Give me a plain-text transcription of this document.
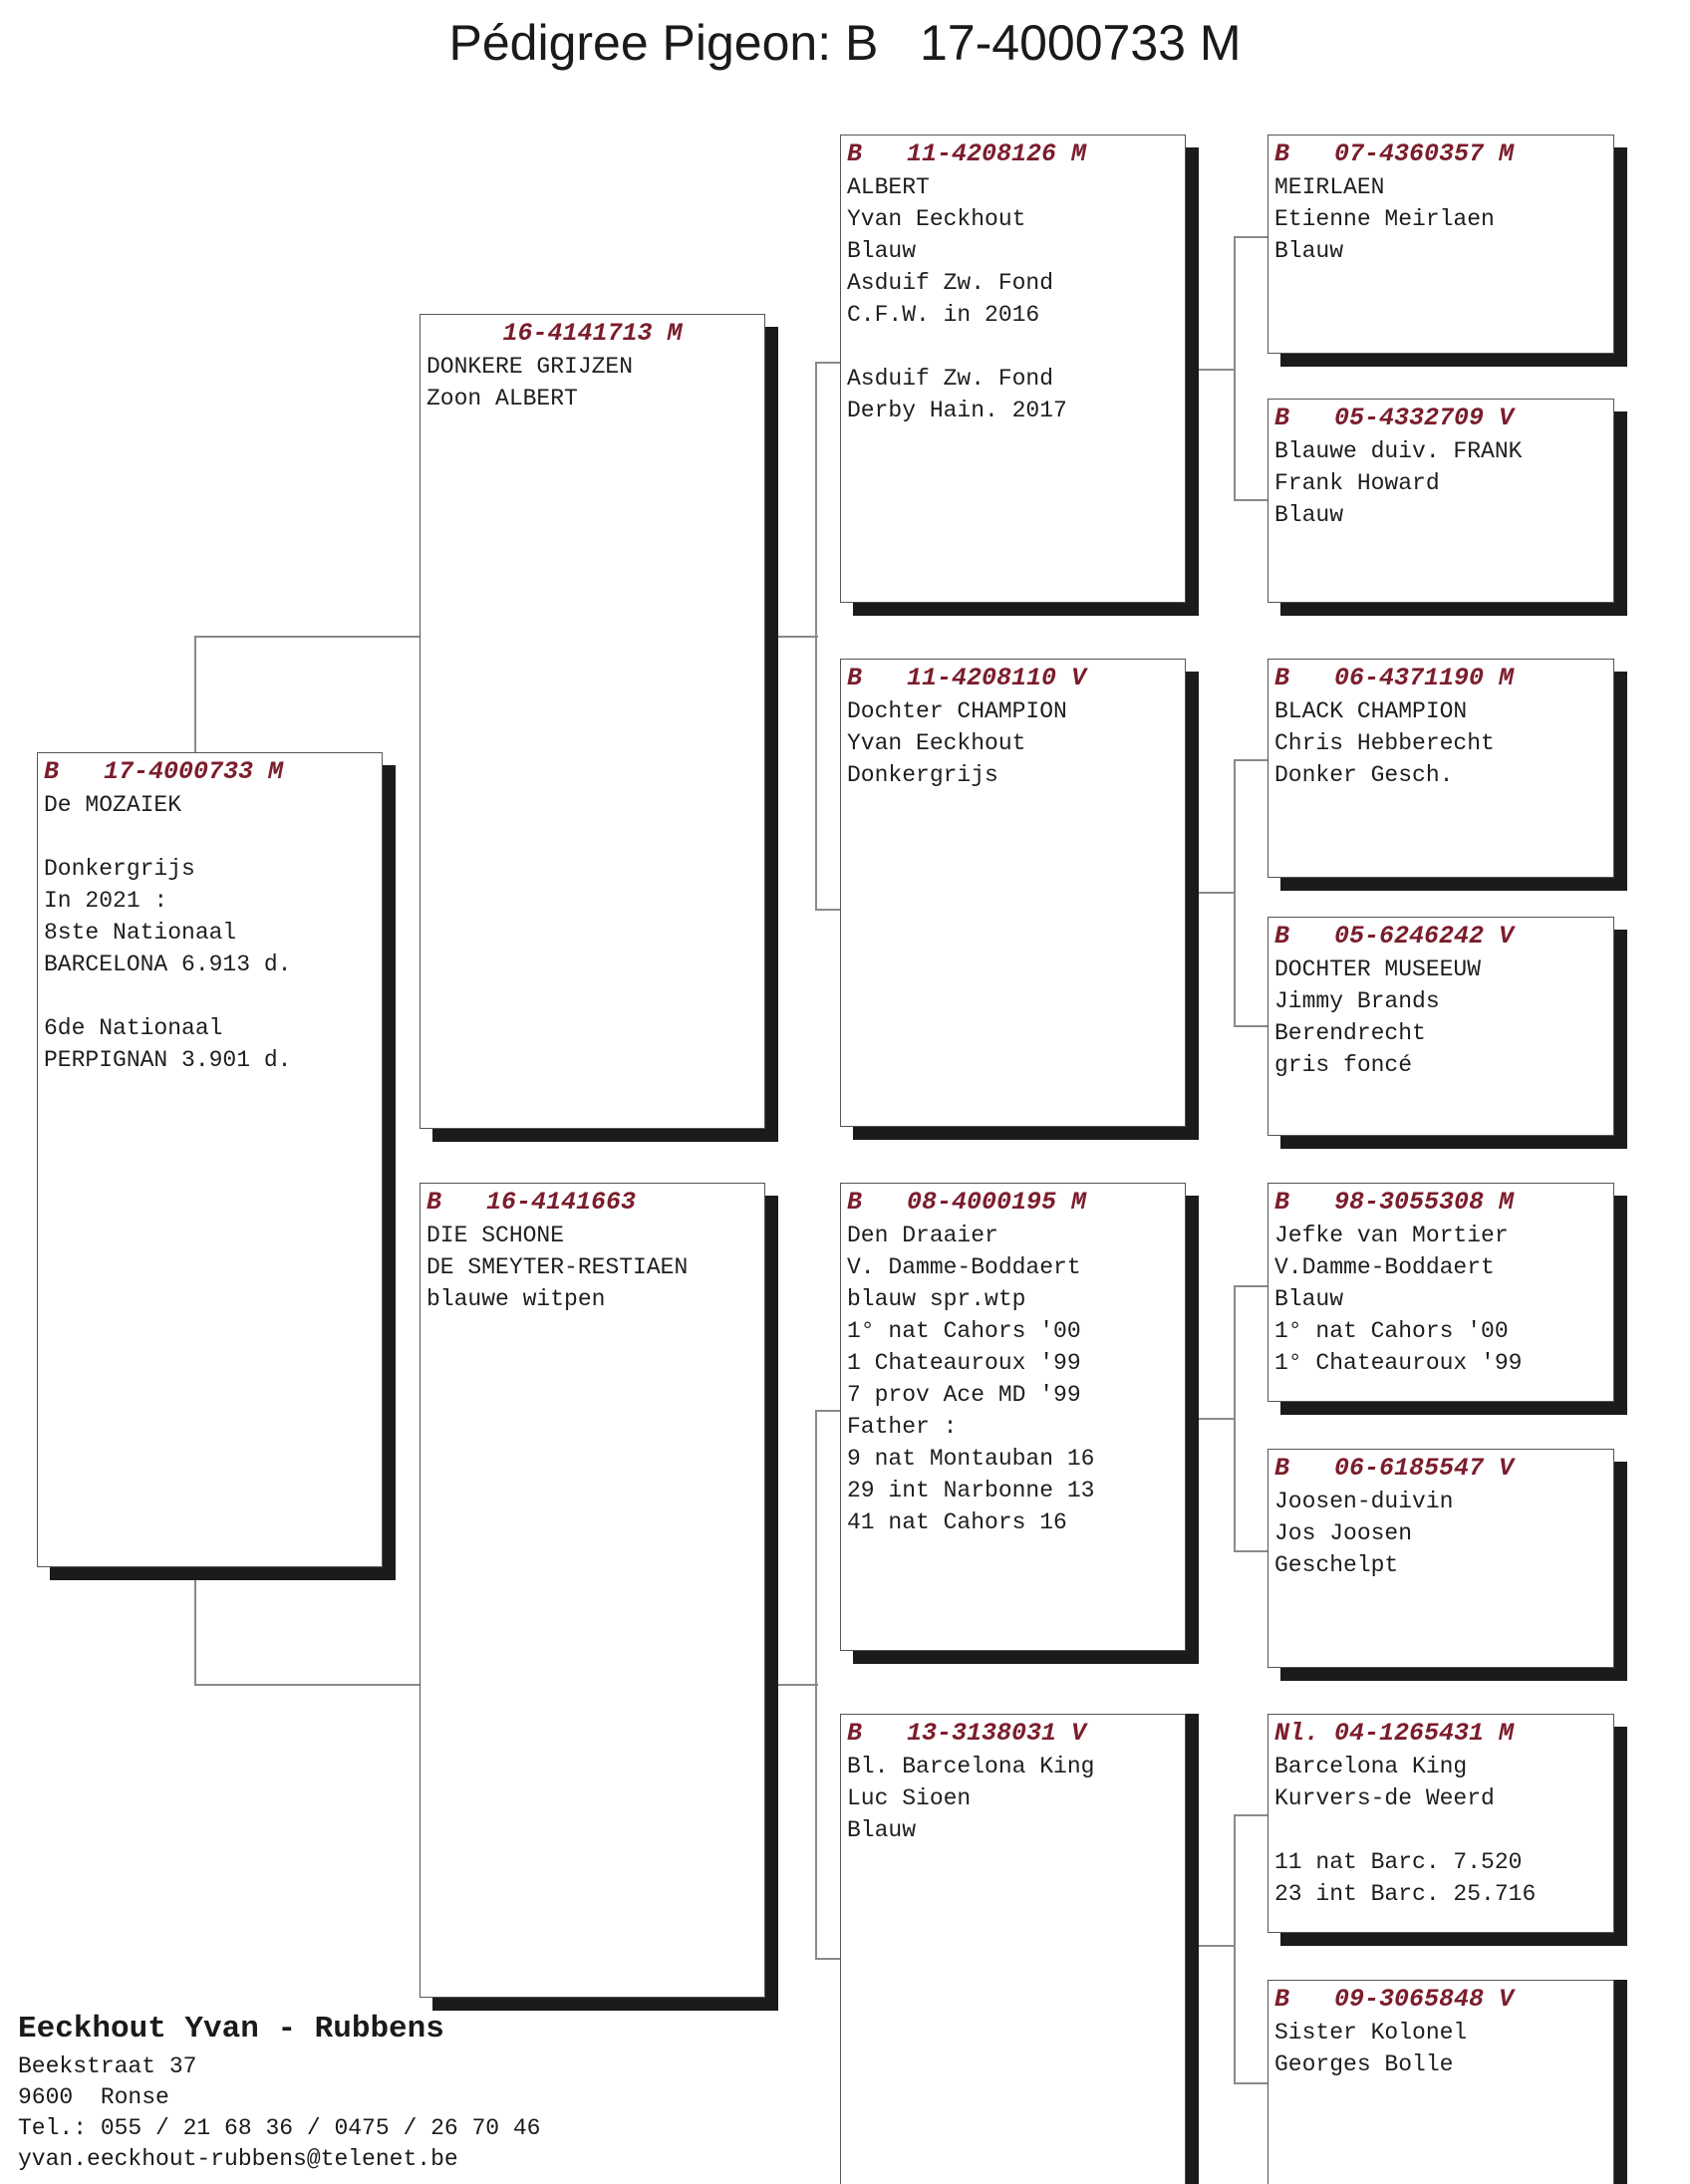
Pédigree Pigeon: B   17-4000733 M
B   17-4000733 M
De MOZAIEK
Donkergrijs
In 2021 :
8ste Nationaal
BARCELONA 6.913 d.
6de Nationaal
PERPIGNAN 3.901 d.
16-4141713 M
DONKERE GRIJZEN
Zoon ALBERT
B   16-4141663
DIE SCHONE
DE SMEYTER-RESTIAEN
blauwe witpen
B   11-4208126 M
ALBERT
Yvan Eeckhout
Blauw
Asduif Zw. Fond
C.F.W. in 2016
Asduif Zw. Fond
Derby Hain. 2017
B   11-4208110 V
Dochter CHAMPION
Yvan Eeckhout
Donkergrijs
B   08-4000195 M
Den Draaier
V. Damme-Boddaert
blauw spr.wtp
1° nat Cahors '00
1 Chateauroux '99
7 prov Ace MD '99
Father :
9 nat Montauban 16
29 int Narbonne 13
41 nat Cahors 16
B   13-3138031 V
Bl. Barcelona King
Luc Sioen
Blauw
B   07-4360357 M
MEIRLAEN
Etienne Meirlaen
Blauw
B   05-4332709 V
Blauwe duiv. FRANK
Frank Howard
Blauw
B   06-4371190 M
BLACK CHAMPION
Chris Hebberecht
Donker Gesch.
B   05-6246242 V
DOCHTER MUSEEUW
Jimmy Brands
Berendrecht
gris foncé
B   98-3055308 M
Jefke van Mortier
V.Damme-Boddaert
Blauw
1° nat Cahors '00
1° Chateauroux '99
B   06-6185547 V
Joosen-duivin
Jos Joosen
Geschelpt
Nl. 04-1265431 M
Barcelona King
Kurvers-de Weerd
11 nat Barc. 7.520
23 int Barc. 25.716
B   09-3065848 V
Sister Kolonel
Georges Bolle
Eeckhout Yvan - Rubbens
Beekstraat 37
9600  Ronse
Tel.: 055 / 21 68 36 / 0475 / 26 70 46
yvan.eeckhout-rubbens@telenet.be
